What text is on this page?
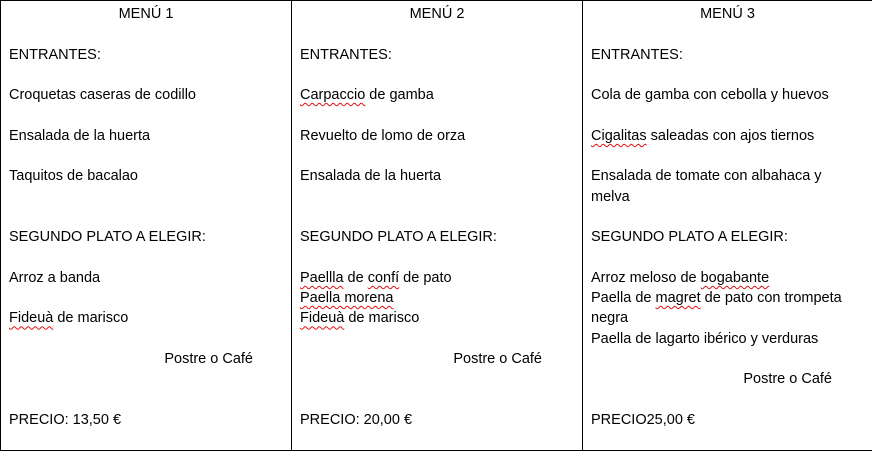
MENÚ 1
ENTRANTES:
Croquetas caseras de codillo
Ensalada de la huerta
Taquitos de bacalao
SEGUNDO PLATO A ELEGIR:
Arroz a banda
Fideuà de marisco
Postre o Café
PRECIO: 13,50 €

MENÚ 2
ENTRANTES:
Carpaccio de gamba
Revuelto de lomo de orza
Ensalada de la huerta
SEGUNDO PLATO A ELEGIR:
Paellla de confí de pato
Paella morena
Fideuà de marisco
Postre o Café
PRECIO: 20,00 €

MENÚ 3
ENTRANTES:
Cola de gamba con cebolla y huevos
Cigalitas saleadas con ajos tiernos
Ensalada de tomate con albahaca y melva
SEGUNDO PLATO A ELEGIR:
Arroz meloso de bogabante
Paella de magret de pato con trompeta negra
Paella de lagarto ibérico y verduras
Postre o Café
PRECIO25,00 €
